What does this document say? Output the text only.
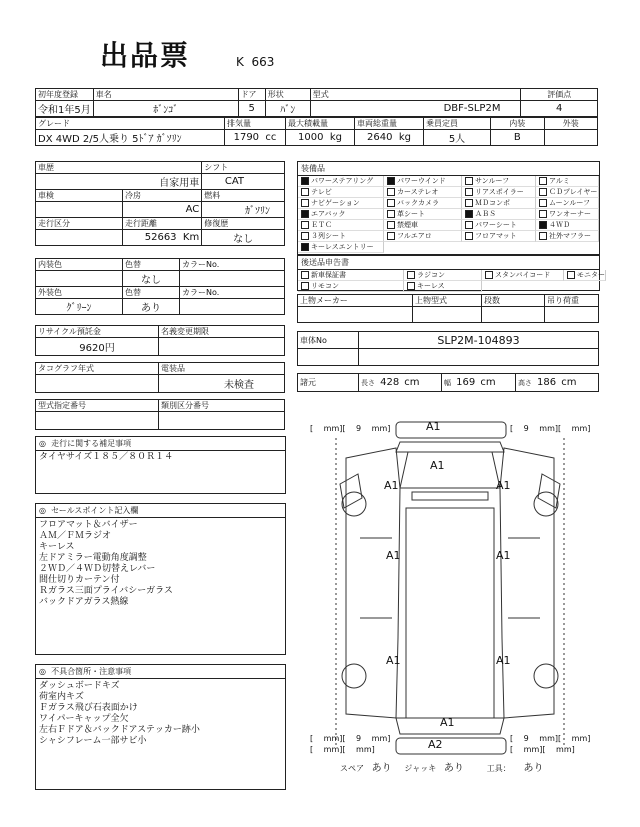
出品票	K 663
初年度登録	車名	ドア	形状	型式	評価点
令和1年5月	ﾎﾞﾝｺﾞ	5	ﾊﾞﾝ	DBF-SLP2M	4
グレード	排気量	最大積載量	車両総重量	乗員定員	内装	外装
DX 4WD 2/5人乗り 5ﾄﾞｱ ｶﾞｿﾘﾝ	1790 cc	1000 kg	2640 kg	5人	B	
車歴		シフト
自家用車		CAT
車検	冷房	燃料
	AC	ｶﾞｿﾘﾝ
走行区分	走行距離	修復歴
	52663 Km	なし
内装色	色替	カラーNo.
	なし	
外装色	色替	カラーNo.
ｸﾞﾘｰﾝ	あり	
リサイクル預託金	名義変更期限
9620円	
タコグラフ年式	電装品
	未検査
型式指定番号	類別区分番号

◎  走行に関する補足事項
タイヤサイズ１８５／８０Ｒ１４
◎  セールスポイント記入欄
フロアマット＆バイザー
ＡＭ／ＦＭラジオ
キーレス
左ドアミラー電動角度調整
２ＷＤ／４ＷＤ切替えレバー
間仕切りカーテン付
Ｒガラス三面プライバシーガラス
バックドアガラス熱線
◎  不具合箇所・注意事項
ダッシュボードキズ
荷室内キズ
Ｆガラス飛び石表面かけ
ワイパーキャップ全欠
左右Ｆドア＆バックドアステッカー跡小
シャシフレーム一部サビ小
装備品
パワーステアリング	パワーウインド	サンルーフ	アルミ
テレビ	カーステレオ	リアスポイラー	ＣＤプレイヤー
ナビゲーション	バックカメラ	ＭＤコンポ	ムーンルーフ
エアバック	革シート	ＡＢＳ	ワンオーナー
ＥＴＣ	禁煙車	パワーシート	４ＷＤ
３列シート	フルエアロ	フロアマット	社外マフラー
キーレスエントリー
後送品申告書
新車保証書	ラジコン	スタンバイコード	モニター
リモコン	キーレス
上物メーカー	上物型式	段数	吊り荷重

車体No	SLP2M-104893

諸元	長さ 428 cm	幅 169 cm	高さ 186 cm
[ mm][ 9 mm]	[ 9 mm][ mm]
[ mm][ 9 mm]
[ mm][ mm]
[ 9 mm][ mm]
[ mm][ mm]
A1
A1
A1	A1
A1	A1
A1	A1
A1
A2
スペア あり ジャッキ あり	工具： あり
